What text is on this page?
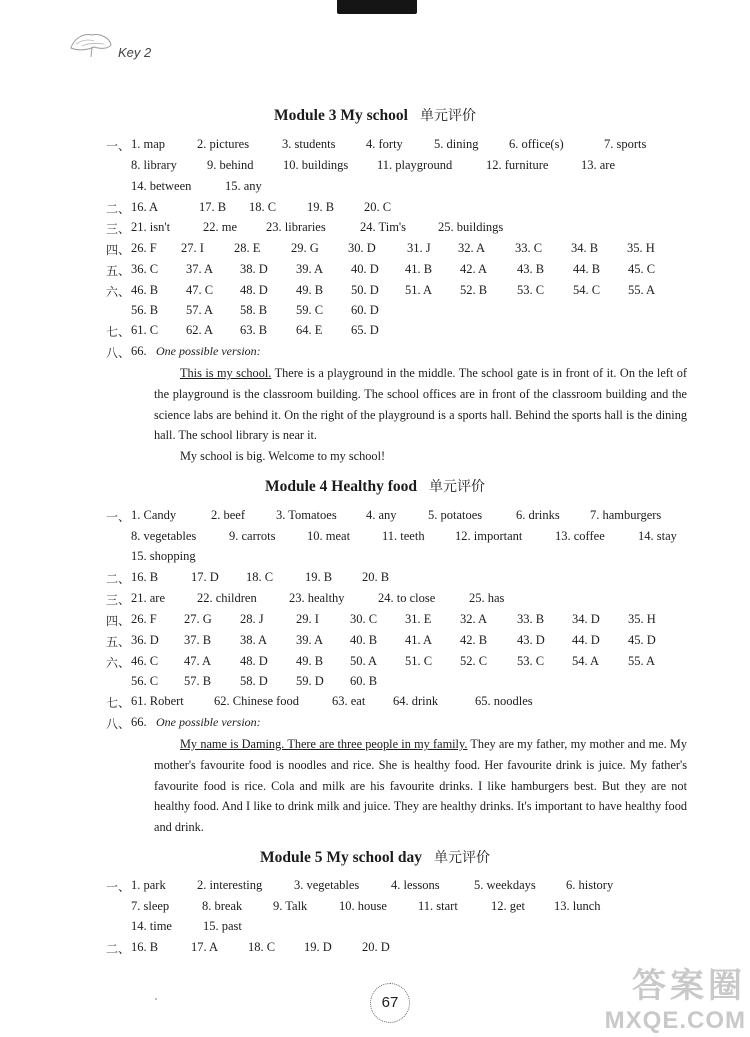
Key 2
Module 3 My school 单元评价
一、 1. map	2. pictures	3. students 4. forty 5. dining 6. office(s)	7. sports
8. library 9. behind 10. buildings 11. playground	12. furniture	13. are
14. between	15. any
二、 16. A	17. B 18. C 19. B 20. C
三、 21. isn't	22. me 23. libraries	24. Tim's	25. buildings
四、 26. F 27. I 28. E 29. G 30. D 31. J 32. A 33. C 34. B 35. H
五、 36. C 37. A 38. D 39. A 40. D 41. B 42. A 43. B 44. B 45. C
六、 46. B 47. C 48. D 49. B 50. D 51. A 52. B 53. C 54. C 55. A
56. B 57. A 58. B 59. C 60. D
七、 61. C 62. A 63. B 64. E 65. D
八、 66. One possible version:

This is my school. There is a playground in the middle. The school gate is in front of it. On the left of the playground is the classroom building. The school offices are in front of the classroom building and the science labs are behind it. On the right of the playground is a sports hall. Behind the sports hall is the dining hall. The school library is near it.

My school is big. Welcome to my school!

Module 4 Healthy food 单元评价
一、 1. Candy	2. beef 3. Tomatoes 4. any	5. potatoes	6. drinks 7. hamburgers
8. vegetables	9. carrots	10. meat	11. teeth 12. important	13. coffee	14. stay
15. shopping
二、 16. B	17. D 18. C	19. B 20. B
三、 21. are	22. children	23. healthy	24. to close	25. has
四、 26. F 27. G 28. J	29. I 30. C 31. E 32. A 33. B 34. D 35. H
五、 36. D 37. B 38. A 39. A 40. B 41. A 42. B 43. D 44. D 45. D
六、 46. C 47. A 48. D 49. B 50. A 51. C 52. C 53. C 54. A 55. A
56. C 57. B 58. D 59. D 60. B
七、 61. Robert 62. Chinese food	63. eat 64. drink	65. noodles
八、 66. One possible version:

My name is Daming. There are three people in my family. They are my father, my mother and me. My mother's favourite food is noodles and rice. She is healthy food. Her favourite drink is juice. My father's favourite food is rice. Cola and milk are his favourite drinks. I like hamburgers best. But they are not healthy food. And I like to drink milk and juice. They are healthy drinks. It's important to have healthy food and drink.

Module 5 My school day 单元评价
一、 1. park	2. interesting	3. vegetables	4. lessons	5. weekdays 6. history
7. sleep	8. break 9. Talk	10. house 11. start	12. get 13. lunch
14. time 15. past
二、 16. B	17. A 18. C 19. D 20. D
67	答案圈
MXQE.COM
